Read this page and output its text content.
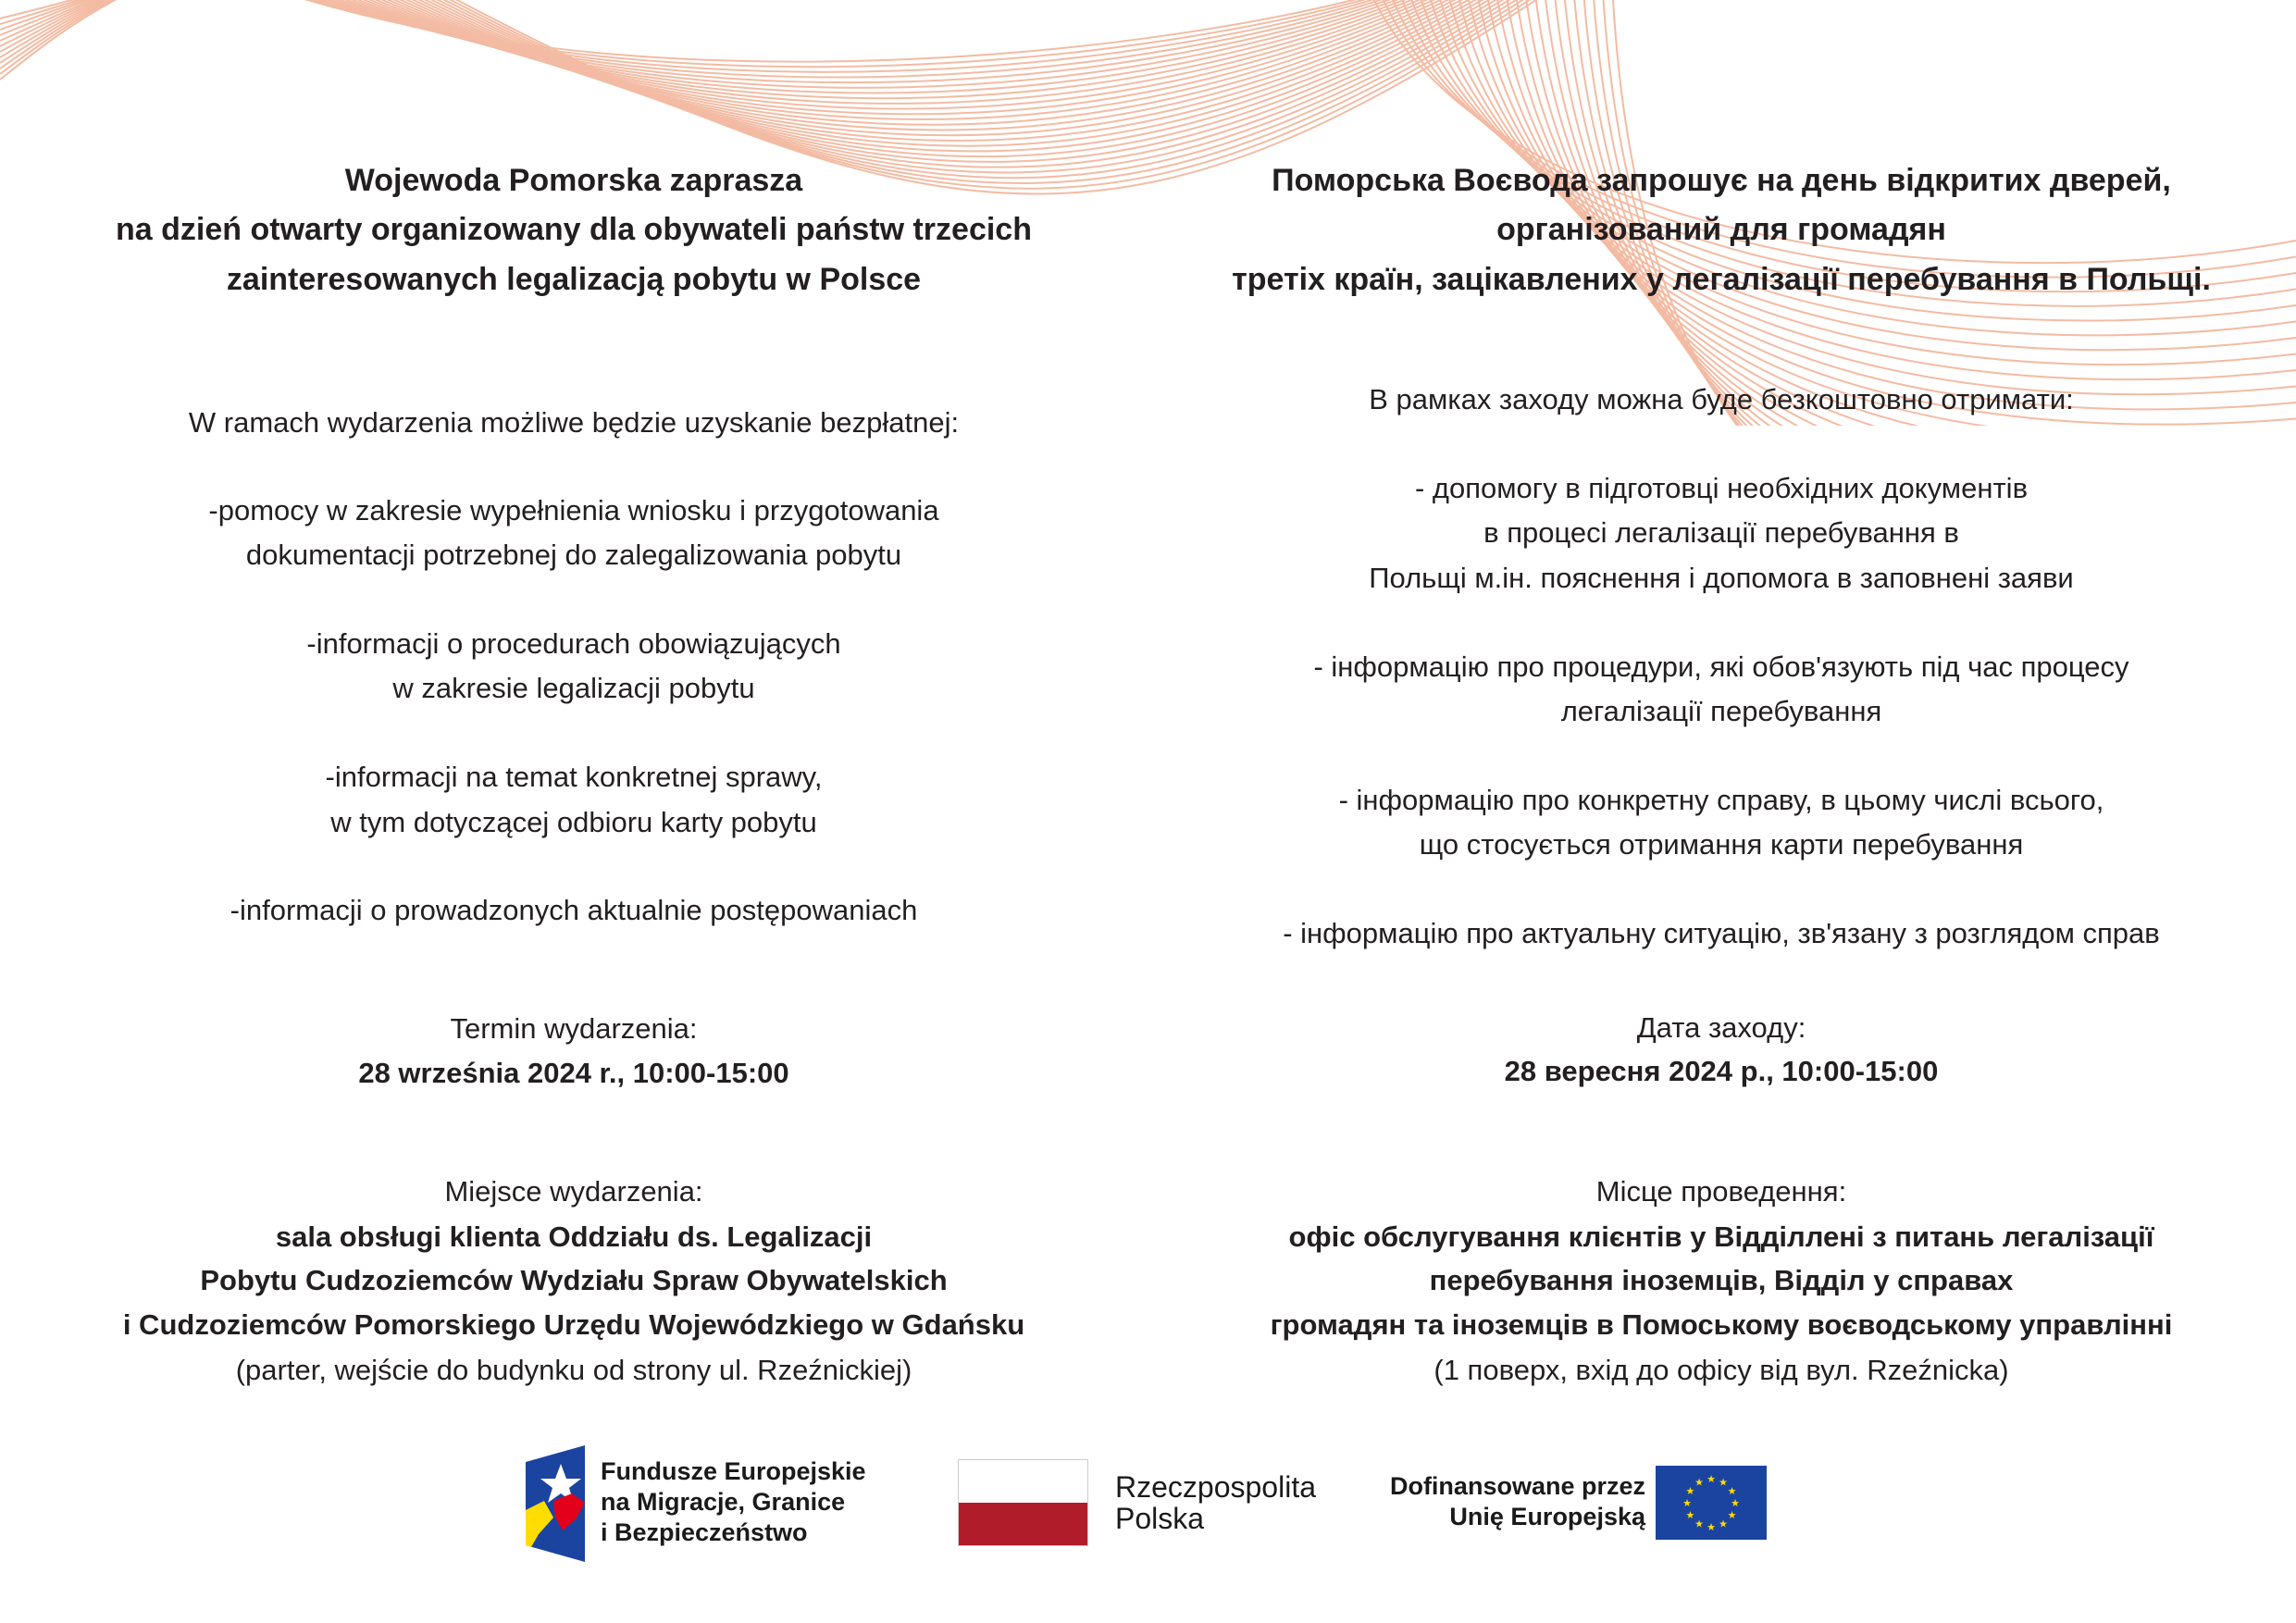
Wojewoda Pomorska zaprasza
na dzień otwarty organizowany dla obywateli państw trzecich
zainteresowanych legalizacją pobytu w Polsce
W ramach wydarzenia możliwe będzie uzyskanie bezpłatnej:
-pomocy w zakresie wypełnienia wniosku i przygotowania
dokumentacji potrzebnej do zalegalizowania pobytu
-informacji o procedurach obowiązujących
w zakresie legalizacji pobytu
-informacji na temat konkretnej sprawy,
w tym dotyczącej odbioru karty pobytu
-informacji o prowadzonych aktualnie postępowaniach
Termin wydarzenia:
28 września 2024 r., 10:00-15:00
Miejsce wydarzenia:
sala obsługi klienta Oddziału ds. Legalizacji
Pobytu Cudzoziemców Wydziału Spraw Obywatelskich
i Cudzoziemców Pomorskiego Urzędu Wojewódzkiego w Gdańsku
(parter, wejście do budynku od strony ul. Rzeźnickiej)
Поморська Воєвода запрошує на день відкритих дверей,
організований для громадян
третіх країн, зацікавлених у легалізації перебування в Польщі.
В рамках заходу можна буде безкоштовно отримати:
- допомогу в підготовці необхідних документів
в процесі легалізації перебування в
Польщі м.ін. пояснення і допомога в заповнені заяви
- інформацію про процедури, які обов'язують під час процесу
легалізації перебування
- інформацію про конкретну справу, в цьому числі всього,
що стосується отримання карти перебування
- інформацію про актуальну ситуацію, зв'язану з розглядом справ
Дата заходу:
28 вересня 2024 р., 10:00-15:00
Місце проведення:
офіс обслугування клієнтів у Відділлені з питань легалізації
перебування іноземців, Відділ у справах
громадян та іноземців в Помоському воєводському управлінні
(1 поверх, вхід до офісу від вул. Rzeźnicka)
Fundusze Europejskie
na Migracje, Granice
i Bezpieczeństwo
Rzeczpospolita
Polska
Dofinansowane przez
Unię Europejską	★
★
★
★
★
★
★
★
★ ★ ★
★
